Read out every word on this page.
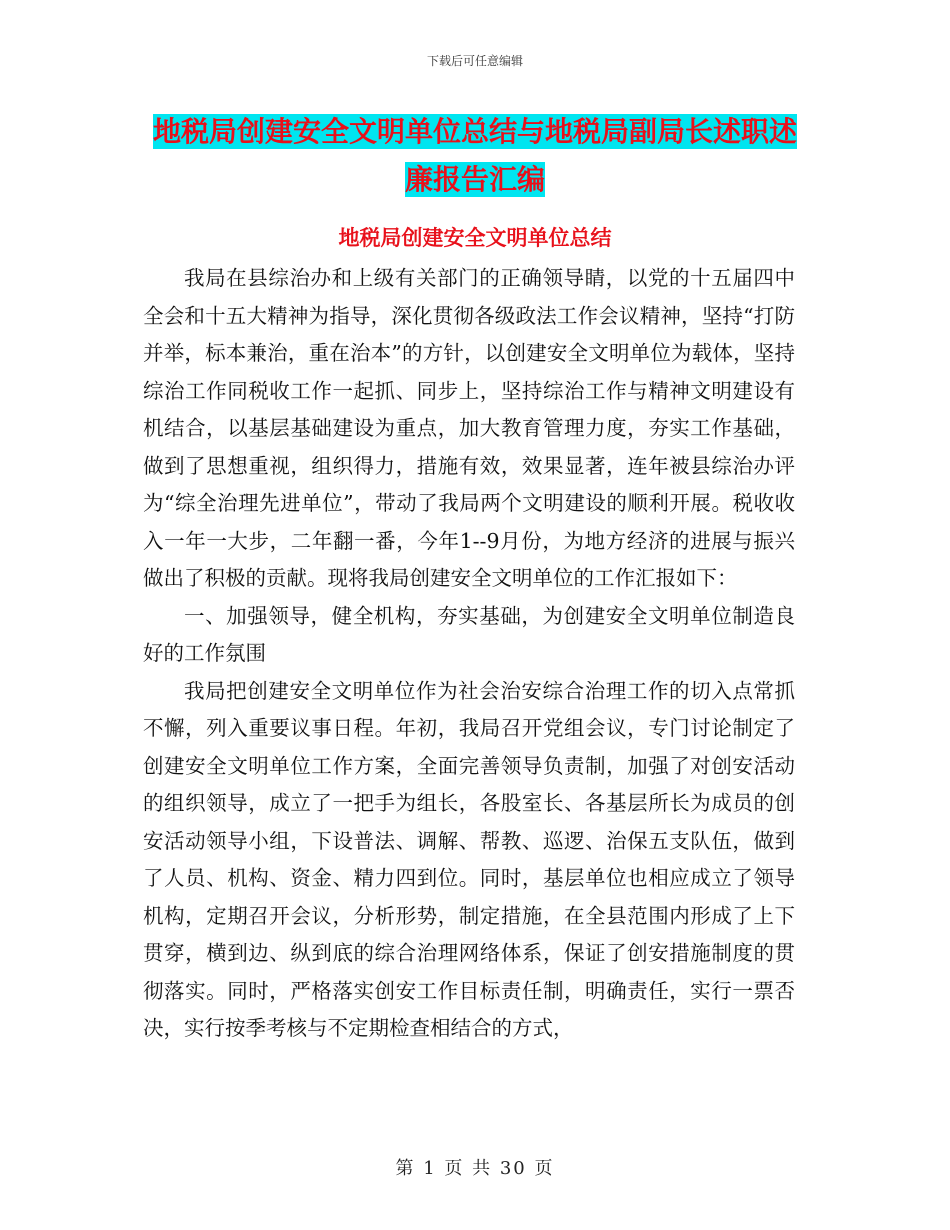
下载后可任意编辑
地税局创建安全文明单位总结与地税局副局长述职述
廉报告汇编
地税局创建安全文明单位总结

我局在县综治办和上级有关部门的正确领导睛，以党的十五届四中全会和十五大精神为指导，深化贯彻各级政法工作会议精神，坚持“打防并举，标本兼治，重在治本”的方针，以创建安全文明单位为载体，坚持综治工作同税收工作一起抓、同步上，坚持综治工作与精神文明建设有机结合，以基层基础建设为重点，加大教育管理力度，夯实工作基础，做到了思想重视，组织得力，措施有效，效果显著，连年被县综治办评为“综全治理先进单位”，带动了我局两个文明建设的顺利开展。税收收入一年一大步，二年翻一番，今年1--9月份，为地方经济的进展与振兴做出了积极的贡献。现将我局创建安全文明单位的工作汇报如下：

一、加强领导，健全机构，夯实基础，为创建安全文明单位制造良好的工作氛围

我局把创建安全文明单位作为社会治安综合治理工作的切入点常抓不懈，列入重要议事日程。年初，我局召开党组会议，专门讨论制定了创建安全文明单位工作方案，全面完善领导负责制，加强了对创安活动的组织领导，成立了一把手为组长，各股室长、各基层所长为成员的创安活动领导小组，下设普法、调解、帮教、巡逻、治保五支队伍，做到了人员、机构、资金、精力四到位。同时，基层单位也相应成立了领导机构，定期召开会议，分析形势，制定措施，在全县范围内形成了上下贯穿，横到边、纵到底的综合治理网络体系，保证了创安措施制度的贯彻落实。同时，严格落实创安工作目标责任制，明确责任，实行一票否决，实行按季考核与不定期检查相结合的方式，

第 1 页 共 30 页
